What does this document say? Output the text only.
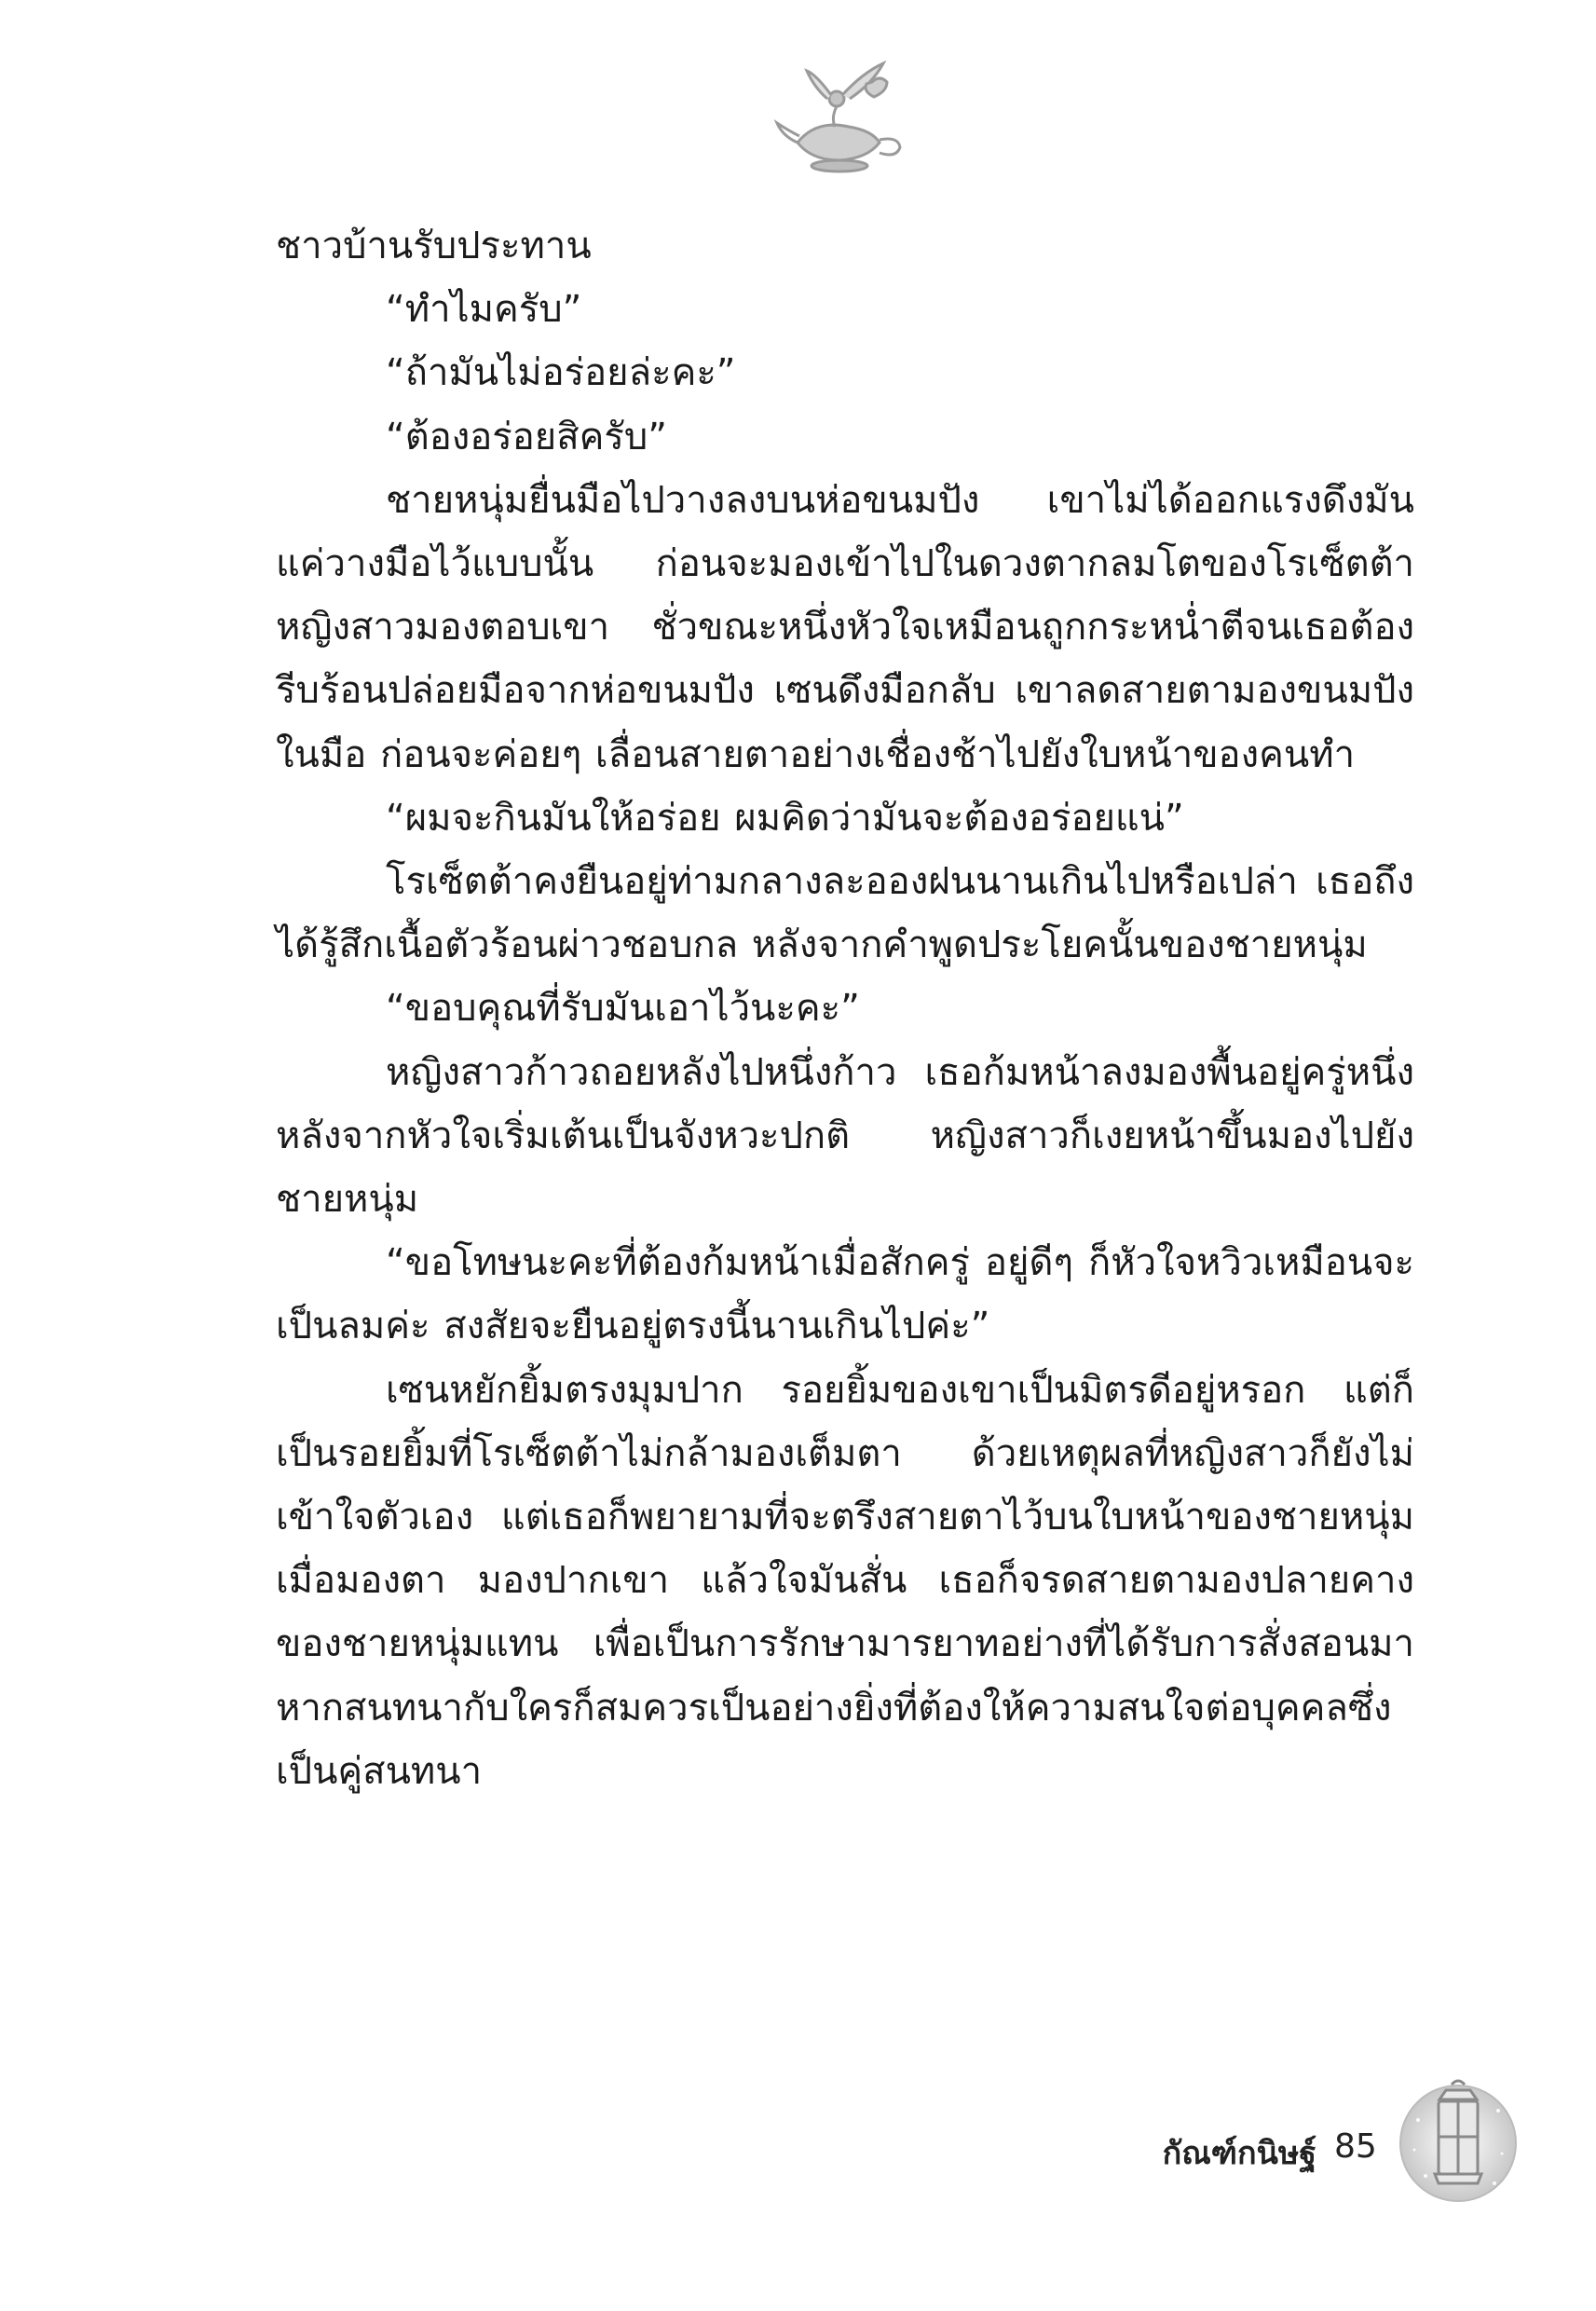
ชาวบ้านรับประทาน

“ทำไมครับ”

“ถ้ามันไม่อร่อยล่ะคะ”

“ต้องอร่อยสิครับ”

ชายหนุ่มยื่นมือไปวางลงบนห่อขนมปัง เขาไม่ได้ออกแรงดึงมัน แค่วางมือไว้แบบนั้น ก่อนจะมองเข้าไปในดวงตากลมโตของโรเซ็ตต้า หญิงสาวมองตอบเขา ชั่วขณะหนึ่งหัวใจเหมือนถูกกระหน่ำตีจนเธอต้องรีบร้อนปล่อยมือจากห่อขนมปัง เซนดึงมือกลับ เขาลดสายตามองขนมปังในมือ ก่อนจะค่อยๆ เลื่อนสายตาอย่างเชื่องช้าไปยังใบหน้าของคนทำ

“ผมจะกินมันให้อร่อย ผมคิดว่ามันจะต้องอร่อยแน่”

โรเซ็ตต้าคงยืนอยู่ท่ามกลางละอองฝนนานเกินไปหรือเปล่า เธอถึงได้รู้สึกเนื้อตัวร้อนผ่าวชอบกล หลังจากคำพูดประโยคนั้นของชายหนุ่ม

“ขอบคุณที่รับมันเอาไว้นะคะ”

หญิงสาวก้าวถอยหลังไปหนึ่งก้าว เธอก้มหน้าลงมองพื้นอยู่ครู่หนึ่ง หลังจากหัวใจเริ่มเต้นเป็นจังหวะปกติ หญิงสาวก็เงยหน้าขึ้นมองไปยังชายหนุ่ม

“ขอโทษนะคะที่ต้องก้มหน้าเมื่อสักครู่ อยู่ดีๆ ก็หัวใจหวิวเหมือนจะเป็นลมค่ะ สงสัยจะยืนอยู่ตรงนี้นานเกินไปค่ะ”

เซนหยักยิ้มตรงมุมปาก รอยยิ้มของเขาเป็นมิตรดีอยู่หรอก แต่ก็เป็นรอยยิ้มที่โรเซ็ตต้าไม่กล้ามองเต็มตา ด้วยเหตุผลที่หญิงสาวก็ยังไม่เข้าใจตัวเอง แต่เธอก็พยายามที่จะตรึงสายตาไว้บนใบหน้าของชายหนุ่ม เมื่อมองตา มองปากเขา แล้วใจมันสั่น เธอก็จรดสายตามองปลายคางของชายหนุ่มแทน เพื่อเป็นการรักษามารยาทอย่างที่ได้รับการสั่งสอนมา หากสนทนากับใครก็สมควรเป็นอย่างยิ่งที่ต้องให้ความสนใจต่อบุคคลซึ่งเป็นคู่สนทนา

กัณฑ์กนิษฐ์ 85
